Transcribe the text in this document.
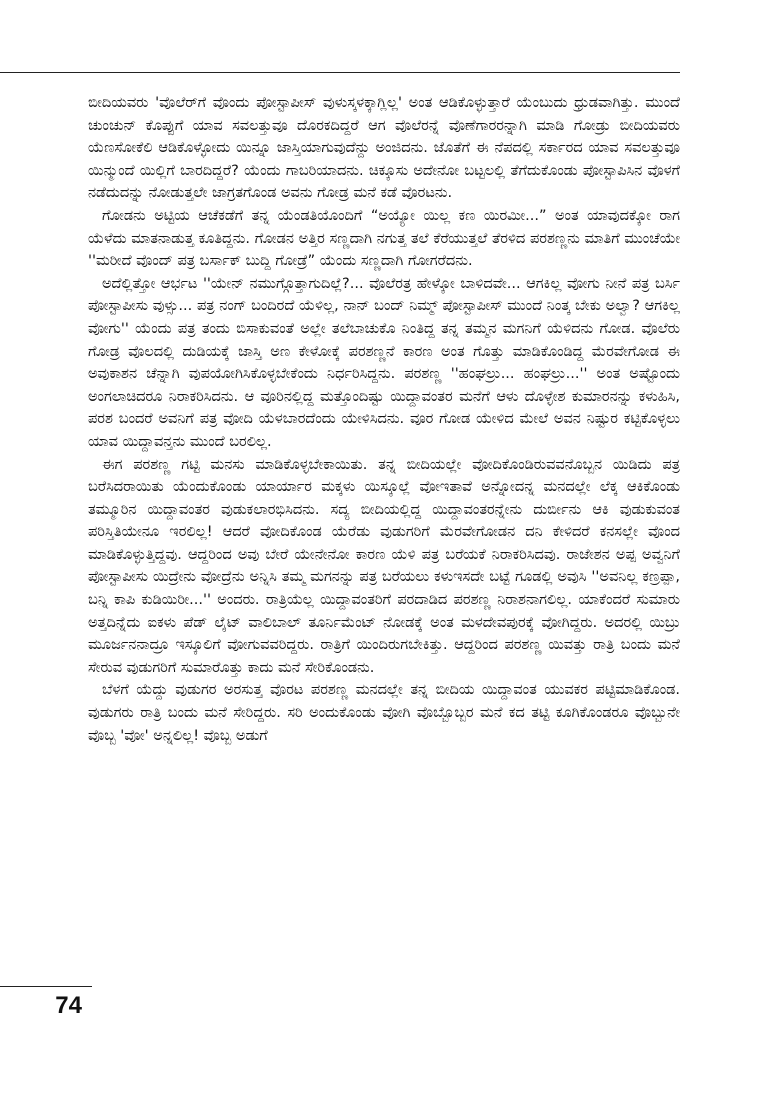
ಬೀದಿಯವರು 'ವೊಲೆರ್‌ಗೆ ವೊಂದು ಪೋಸ್ಟಾಪೀಸ್ ವುಳುಸ್ಕಳಕ್ಕಾಗ್ಲಿಲ್ಲ' ಅಂತ ಆಡಿಕೊಳ್ಳುತ್ತಾರೆ ಯೆಂಬುದು ಧ್ರುಡವಾಗಿತ್ತು. ಮುಂದೆ ಚುಂಚುನ್ ಕೊಪ್ಪುಗೆ ಯಾವ ಸವಲತ್ತುವೂ ದೊರಕದಿದ್ದರೆ ಆಗ ವೊಲೆರನ್ನೆ ವೊಣೆಗಾರರನ್ನಾಗಿ ಮಾಡಿ ಗೋಡ್ರು ಬೀದಿಯವರು ಯೆಣಸೋಕೆಲಿ ಆಡಿಕೊಳ್ಳೋದು ಯಿನ್ನೂ ಜಾಸ್ತಿಯಾಗುವುದೆನ್ದು ಅಂಜಿದನು. ಜೊತೆಗೆ ಈ ನೆಪದಲ್ಲಿ ಸರ್ಕಾರದ ಯಾವ ಸವಲತ್ತುವೂ ಯಿನ್ಮುಂದೆ ಯಿಲ್ಲಿಗೆ ಬಾರದಿದ್ದರೆ? ಯೆಂದು ಗಾಬರಿಯಾದನು. ಚಿಕ್ಕೂಸು ಅದೇನೋ ಬಟ್ಟಲಲ್ಲಿ ತೆಗೆದುಕೊಂಡು ಪೋಸ್ಟಾಪಿಸಿನ ವೊಳಗೆ ನಡೆದುದನ್ನು ನೋಡುತ್ತಲೇ ಜಾಗ್ರತಗೊಂಡ ಅವನು ಗೋಡ್ರ ಮನೆ ಕಡೆ ವೊರಟನು.

ಗೋಡನು ಅಟ್ಟಿಯ ಆಚೆಕಡೆಗೆ ತನ್ನ ಯೆಂಡತಿಯೊಂದಿಗೆ “ಅಯ್ಯೋ ಯಿಲ್ಲ ಕಣ ಯಿರಮೀ...” ಅಂತ ಯಾವುದಕ್ಕೋ ರಾಗ ಯೆಳೆದು ಮಾತನಾಡುತ್ತ ಕೂತಿದ್ದನು. ಗೋಡನ ಅತ್ತಿರ ಸಣ್ಣದಾಗಿ ನಗುತ್ತ ತಲೆ ಕೆರೆಯುತ್ತಲೆ ತೆರಳಿದ ಪರಶಣ್ಣನು ಮಾತಿಗೆ ಮುಂಚೆಯೇ ''ಮರೀದೆ ವೊಂದ್ ಪತ್ರ ಬರ್ಸಾಕ್ ಬುದ್ದಿ ಗೋಡ್ರೆ” ಯೆಂದು ಸಣ್ಣದಾಗಿ ಗೋಗರೆದನು.

ಅದೆಲ್ಲಿತ್ತೋ ಆರ್ಭಟ ''ಯೇನ್ ನಮುಗ್ಗೊತ್ತಾಗುದಿಲ್ಲೆ?... ವೊಲೆರತ್ರ ಹೇಳ್ಕೋ ಬಾಳಿದವೇ... ಆಗಕಿಲ್ಲ ವೋಗು ನೀನೆ ಪತ್ರ ಬರ್ಸಿ ಪೋಸ್ಟಾಪೀಸು ವುಳ್ಸು... ಪತ್ರ ನಂಗ್ ಬಂದಿರದೆ ಯೆಳಿಲ್ಲ, ನಾನ್ ಬಂದ್ ನಿಮ್ಮ್ ಪೋಸ್ಟಾಪೀಸ್ ಮುಂದೆ ನಿಂತ್ಕ ಬೇಕು ಅಲ್ವಾ? ಆಗಕಿಲ್ಲ ವೋಗು'' ಯೆಂದು ಪತ್ರ ತಂದು ಬಿಸಾಕುವಂತೆ ಅಲ್ಲೇ ತಲೆಬಾಚುಕೊ ನಿಂತಿದ್ದ ತನ್ನ ತಮ್ಮನ ಮಗನಿಗೆ ಯೆಳಿದನು ಗೋಡ. ವೊಲೆರು ಗೋಡ್ರ ವೊಲದಲ್ಲಿ ದುಡಿಯಕ್ಕೆ ಜಾಸ್ತಿ ಅಣ ಕೇಳೋಕ್ಕೆ ಪರಶಣ್ಣನೆ ಕಾರಣ ಅಂತ ಗೊತ್ತು ಮಾಡಿಕೊಂಡಿದ್ದ ಮೆರವೇಗೋಡ ಈ ಅವುಕಾಶನ ಚೆನ್ನಾಗಿ ವುಪಯೋಗಿಸಿಕೊಳ್ಳಬೇಕೆಂದು ನಿರ್ಧರಿಸಿದ್ದನು. ಪರಶಣ್ಣ ''ಹಂಘಲ್ರು... ಹಂಘಲ್ರು...'' ಅಂತ ಅಷ್ಟೊಂದು ಅಂಗಲಾಚಿದರೂ ನಿರಾಕರಿಸಿದನು. ಆ ವೂರಿನಲ್ಲಿದ್ದ ಮತ್ತೊಂದಿಷ್ಟು ಯಿದ್ದಾವಂತರ ಮನೆಗೆ ಆಳು ದೊಳ್ಳೇಶ ಕುಮಾರನನ್ನು ಕಳುಹಿಸಿ, ಪರಶ ಬಂದರೆ ಅವನಿಗೆ ಪತ್ರ ವೋದಿ ಯೆಳಬಾರದೆಂದು ಯೇಳಿಸಿದನು. ವೂರ ಗೋಡ ಯೇಳಿದ ಮೇಲೆ ಅವನ ನಿಷ್ಟುರ ಕಟ್ಟಿಕೊಳ್ಳಲು ಯಾವ ಯಿದ್ದಾವನ್ತನು ಮುಂದೆ ಬರಲಿಲ್ಲ.

ಈಗ ಪರಶಣ್ಣ ಗಟ್ಟಿ ಮನಸು ಮಾಡಿಕೊಳ್ಳಬೇಕಾಯಿತು. ತನ್ನ ಬೀದಿಯಲ್ಲೇ ವೋದಿಕೊಂಡಿರುವವನೊಬ್ಬನ ಯಿಡಿದು ಪತ್ರ ಬರೆಸಿದರಾಯಿತು ಯೆಂದುಕೊಂಡು ಯಾರ್ಯಾರ ಮಕ್ಕಳು ಯಿಸ್ಕೂಲ್ಲೆ ವೋಇತಾವೆ ಅನ್ನೋದನ್ನ ಮನದಲ್ಲೇ ಲೆಕ್ಕ ಆಕಿಕೊಂಡು ತಮ್ಮೂರಿನ ಯಿದ್ದಾವಂತರ ವುಡುಕಲಾರಭಿಸಿದನು. ಸದ್ಯ ಬೀದಿಯಲ್ಲಿದ್ದ ಯಿದ್ದಾವಂತರನ್ನೇನು ದುರ್ಬೀನು ಆಕಿ ವುಡುಕುವಂತ ಪರಿಸ್ತಿತಿಯೇನೂ ಇರಲಿಲ್ಲ! ಆದರೆ ವೋದಿಕೊಂಡ ಯೆರೆಡು ವುಡುಗರಿಗೆ ಮೆರವೇಗೋಡನ ದನಿ ಕೇಳಿದರೆ ಕನಸಲ್ಲೇ ವೊಂದ ಮಾಡಿಕೊಳ್ಳುತ್ತಿದ್ದವು. ಆದ್ದರಿಂದ ಅವು ಬೇರೆ ಯೇನೇನೋ ಕಾರಣ ಯೆಳಿ ಪತ್ರ ಬರೆಯಕೆ ನಿರಾಕರಿಸಿದವು. ರಾಜೇಶನ ಅಪ್ಪ ಅವ್ವನಿಗೆ ಪೋಸ್ಟಾಪೀಸು ಯಿದ್ರೇನು ವೋದ್ರೆನು ಅನ್ನಿಸಿ ತಮ್ಮ ಮಗನನ್ನು ಪತ್ರ ಬರೆಯಲು ಕಳುಇಸದೇ ಬಟ್ಟೆ ಗೂಡಲ್ಲಿ ಅವುಸಿ ''ಅವನಿಲ್ಲ ಕಣ್ರಪ್ಪಾ, ಬನ್ನಿ ಕಾಪಿ ಕುಡಿಯಿರೀ...'' ಅಂದರು. ರಾತ್ರಿಯೆಲ್ಲ ಯಿದ್ದಾವಂತರಿಗೆ ಪರದಾಡಿದ ಪರಶಣ್ಣ ನಿರಾಶನಾಗಲಿಲ್ಲ. ಯಾಕೆಂದರೆ ಸುಮಾರು ಅತ್ತದಿನ್ನೆದು ಐಕಳು ಪೆಡ್ ಲೈಟ್ ವಾಲಿಬಾಲ್ ತೂರ್ನಿಮೆಂಟ್ ನೋಡಕ್ಕೆ ಅಂತ ಮಳದೇವಪುರಕ್ಕೆ ವೋಗಿದ್ದರು. ಅದರಲ್ಲಿ ಯಿಬ್ರು ಮೂರ್ಜನನಾದ್ರೂ ಇಸ್ಕೂಲಿಗೆ ವೋಗುವವರಿದ್ದರು. ರಾತ್ರಿಗೆ ಯಿಂದಿರುಗಬೇಕಿತ್ತು. ಆದ್ದರಿಂದ ಪರಶಣ್ಣ ಯಿವತ್ತು ರಾತ್ರಿ ಬಂದು ಮನೆ ಸೇರುವ ವುಡುಗರಿಗೆ ಸುಮಾರೊತ್ತು ಕಾದು ಮನೆ ಸೇರಿಕೊಂಡನು.

ಬೆಳಗೆ ಯೆದ್ದು ವುಡುಗರ ಅರಸುತ್ತ ವೊರಟ ಪರಶಣ್ಣ ಮನದಲ್ಲೇ ತನ್ನ ಬೀದಿಯ ಯಿದ್ದಾವಂತ ಯುವಕರ ಪಟ್ಟಿಮಾಡಿಕೊಂಡ. ವುಡುಗರು ರಾತ್ರಿ ಬಂದು ಮನೆ ಸೇರಿದ್ದರು. ಸರಿ ಅಂದುಕೊಂಡು ವೋಗಿ ವೊಬ್ಬೊಬ್ಬರ ಮನೆ ಕದ ತಟ್ಟಿ ಕೂಗಿಕೊಂಡರೂ ವೊಬ್ಬುನೇ ವೊಬ್ಬ 'ವೋ' ಅನ್ನಲಿಲ್ಲ! ವೊಬ್ಬ ಅಡುಗೆ

74
